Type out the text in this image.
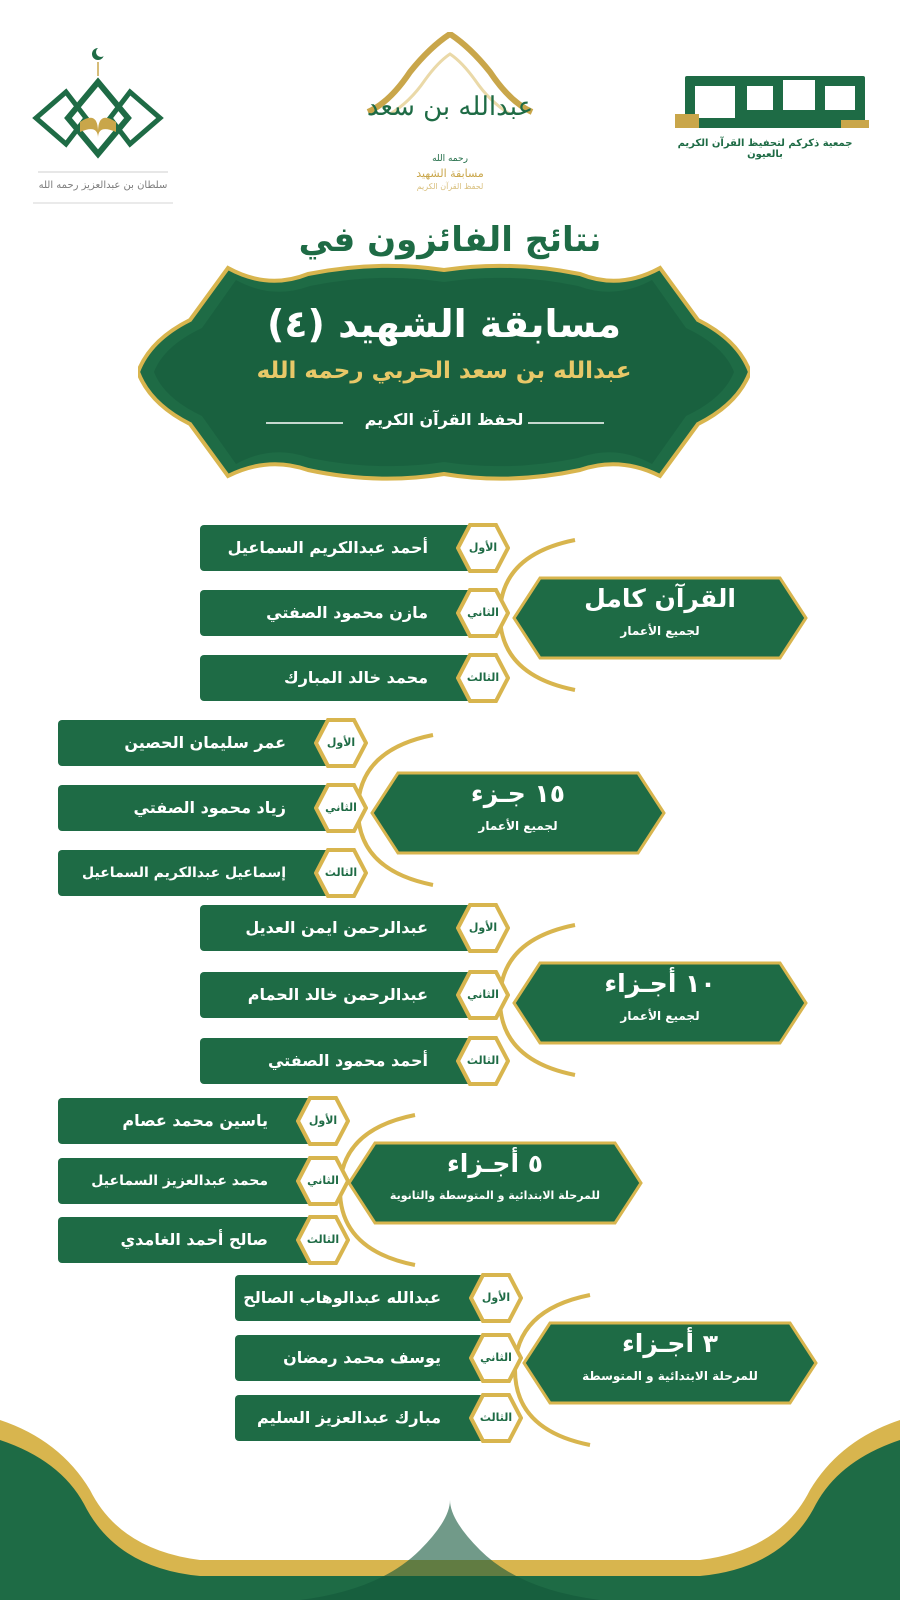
سلطان بن عبدالعزيز رحمه الله
عبدالله بن سعد
رحمه الله
مسابقة الشهيد
لحفظ القرآن الكريم
جمعية ذكركم لتحفيظ القرآن الكريم بالعيون
نتائج الفائزون في
مسابقة الشهيد (٤)
عبدالله بن سعد الحربي رحمه الله
لحفظ القرآن الكريم
القرآن كامل
لجميع الأعمار
أحمد عبدالكريم السماعيل	الأول
مازن محمود الصفتي	الثاني
محمد خالد المبارك	الثالث
١٥ جـزء
لجميع الأعمار
عمر سليمان الحصين	الأول
زياد محمود الصفتي	الثاني
إسماعيل عبدالكريم السماعيل	الثالث
١٠ أجـزاء
لجميع الأعمار
عبدالرحمن ايمن العديل	الأول
عبدالرحمن خالد الحمام	الثاني
أحمد محمود الصفتي	الثالث
٥ أجـزاء
للمرحلة الابتدائية و المتوسطة والثانوية
ياسين محمد عصام	الأول
محمد عبدالعزيز السماعيل	الثاني
صالح أحمد الغامدي	الثالث
٣ أجـزاء
للمرحلة الابتدائية و المتوسطة
عبدالله عبدالوهاب الصالح	الأول
يوسف محمد رمضان	الثاني
مبارك عبدالعزيز السليم	الثالث
